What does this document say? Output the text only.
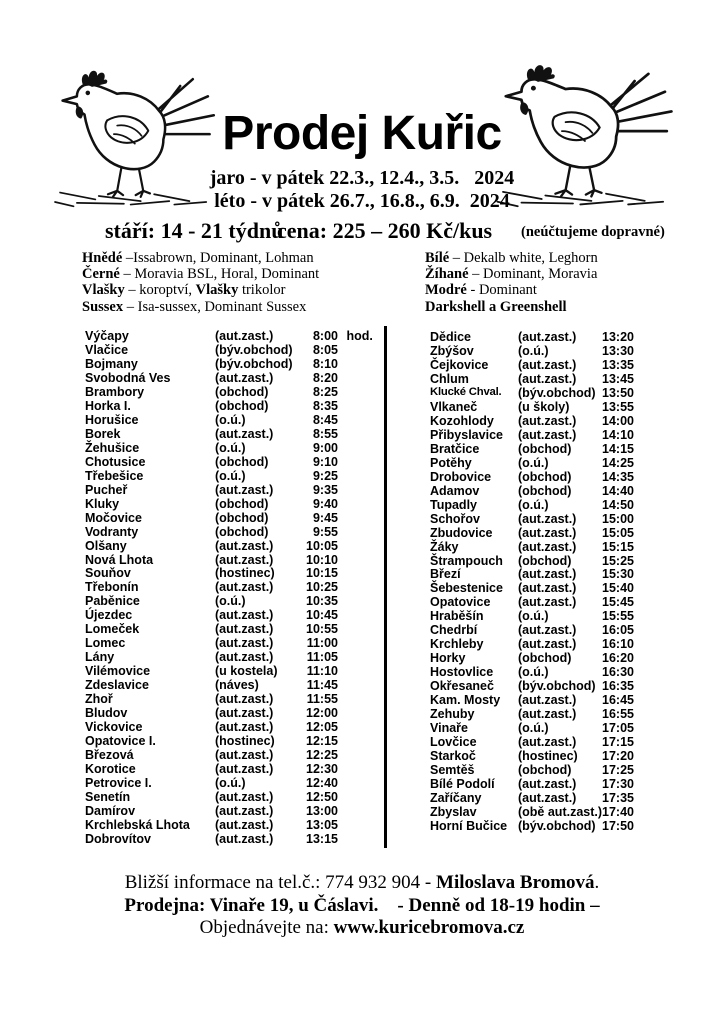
Prodej Kuřic
jaro - v pátek 22.3., 12.4., 3.5.   2024
léto - v pátek 26.7., 16.8., 6.9.  2024
stáří: 14 - 21 týdnů
cena: 225 – 260 Kč/kus (neúčtujeme dopravné)
Hnědé –Issabrown, Dominant, Lohman
Černé – Moravia BSL, Horal, Dominant
Vlašky – koroptví, Vlašky trikolor
Sussex – Isa-sussex, Dominant Sussex
Bílé – Dekalb white, Leghorn
Žíhané – Dominant, Moravia
Modré - Dominant
Darkshell a Greenshell
Výčapy	(aut.zast.)	8:00 hod.
Vlačice	(býv.obchod)	8:05
Bojmany	(býv.obchod)	8:10
Svobodná Ves	(aut.zast.)	8:20
Brambory	(obchod)	8:25
Horka I.	(obchod)	8:35
Horušice	(o.ú.)	8:45
Borek	(aut.zast.)	8:55
Žehušice	(o.ú.)	9:00
Chotusice	(obchod)	9:10
Třebešice	(o.ú.)	9:25
Pucheř	(aut.zast.)	9:35
Kluky	(obchod)	9:40
Močovice	(obchod)	9:45
Vodranty	(obchod)	9:55
Olšany	(aut.zast.)	10:05
Nová Lhota	(aut.zast.)	10:10
Souňov	(hostinec)	10:15
Třebonín	(aut.zast.)	10:25
Paběnice	(o.ú.)	10:35
Újezdec	(aut.zast.)	10:45
Lomeček	(aut.zast.)	10:55
Lomec	(aut.zast.)	11:00
Lány	(aut.zast.)	11:05
Vilémovice	(u kostela)	11:10
Zdeslavice	(náves)	11:45
Zhoř	(aut.zast.)	11:55
Bludov	(aut.zast.)	12:00
Vickovice	(aut.zast.)	12:05
Opatovice I.	(hostinec)	12:15
Březová	(aut.zast.)	12:25
Korotice	(aut.zast.)	12:30
Petrovice I.	(o.ú.)	12:40
Senetín	(aut.zast.)	12:50
Damírov	(aut.zast.)	13:00
Krchlebská Lhota (aut.zast.)	13:05
Dobrovítov	(aut.zast.)	13:15
Dědice	(aut.zast.)	13:20
Zbýšov	(o.ú.)	13:30
Čejkovice (aut.zast.)	13:35
Chlum	(aut.zast.)	13:45
Klucké Chval. (býv.obchod) 13:50
Vlkaneč	(u školy)	13:55
Kozohlody (aut.zast.)	14:00
Přibyslavice (aut.zast.)	14:10
Bratčice	(obchod)	14:15
Potěhy	(o.ú.)	14:25
Drobovice (obchod)	14:35
Adamov	(obchod)	14:40
Tupadly	(o.ú.)	14:50
Schořov	(aut.zast.)	15:00
Zbudovice (aut.zast.)	15:05
Žáky	(aut.zast.)	15:15
Štrampouch (obchod)	15:25
Březí	(aut.zast.)	15:30
Šebestenice (aut.zast.)	15:40
Opatovice (aut.zast.)	15:45
Hraběšín	(o.ú.)	15:55
Chedrbí	(aut.zast.)	16:05
Krchleby	(aut.zast.)	16:10
Horky	(obchod)	16:20
Hostovlice (o.ú.)	16:30
Okřesaneč (býv.obchod) 16:35
Kam. Mosty (aut.zast.)	16:45
Zehuby	(aut.zast.)	16:55
Vinaře	(o.ú.)	17:05
Lovčice	(aut.zast.)	17:15
Starkoč	(hostinec)	17:20
Semtěš	(obchod)	17:25
Bílé Podolí (aut.zast.)	17:30
Zaříčany	(aut.zast.)	17:35
Zbyslav	(obě aut.zast.) 17:40
Horní Bučice (býv.obchod) 17:50
Bližší informace na tel.č.: 774 932 904 - Miloslava Bromová.
Prodejna: Vinaře 19, u Čáslavi.    - Denně od 18-19 hodin –
Objednávejte na: www.kuricebromova.cz
